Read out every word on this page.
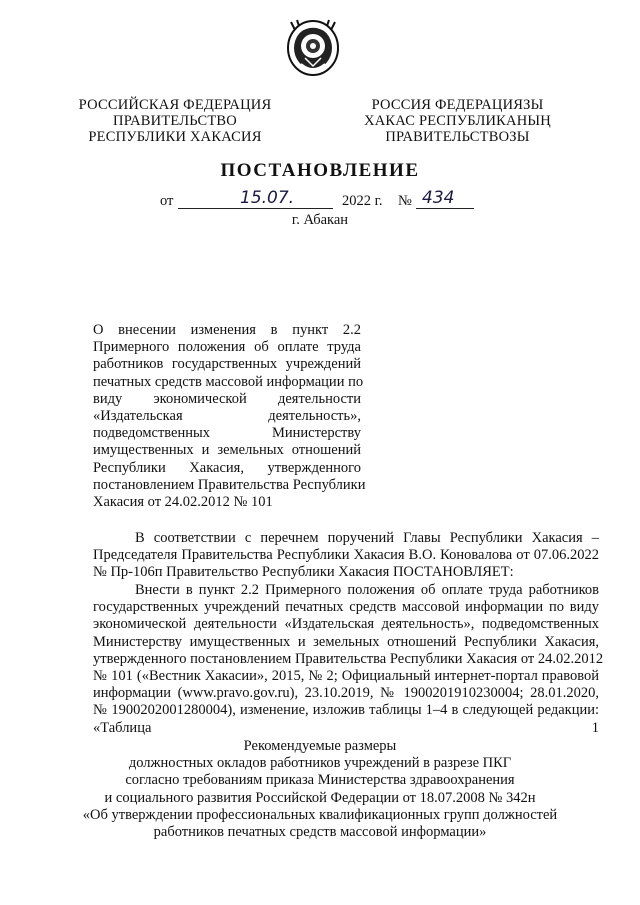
РОССИЙСКАЯ ФЕДЕРАЦИЯ
ПРАВИТЕЛЬСТВО
РЕСПУБЛИКИ ХАКАСИЯ
РОССИЯ ФЕДЕРАЦИЯЗЫ
ХАКАС РЕСПУБЛИКАНЫҢ
ПРАВИТЕЛЬСТВОЗЫ
ПОСТАНОВЛЕНИЕ
от	15.07.	2022 г. № 434
г. Абакан
О внесении изменения в пункт 2.2
Примерного положения об оплате труда
работников государственных учреждений
печатных средств массовой информации по
виду экономической деятельности
«Издательская деятельность»,
подведомственных Министерству
имущественных и земельных отношений
Республики Хакасия, утвержденного
постановлением Правительства Республики
Хакасия от 24.02.2012 № 101
В соответствии с перечнем поручений Главы Республики Хакасия –
Председателя Правительства Республики Хакасия В.О. Коновалова от 07.06.2022
№ Пр-106п Правительство Республики Хакасия ПОСТАНОВЛЯЕТ:
Внести в пункт 2.2 Примерного положения об оплате труда работников
государственных учреждений печатных средств массовой информации по виду
экономической деятельности «Издательская деятельность», подведомственных
Министерству имущественных и земельных отношений Республики Хакасия,
утвержденного постановлением Правительства Республики Хакасия от 24.02.2012
№ 101 («Вестник Хакасии», 2015, № 2; Официальный интернет-портал правовой
информации (www.pravo.gov.ru), 23.10.2019, № 1900201910230004; 28.01.2020,
№ 1900202001280004), изменение, изложив таблицы 1–4 в следующей редакции:
«Таблица 1
Рекомендуемые размеры
должностных окладов работников учреждений в разрезе ПКГ
согласно требованиям приказа Министерства здравоохранения
и социального развития Российской Федерации от 18.07.2008 № 342н
«Об утверждении профессиональных квалификационных групп должностей
работников печатных средств массовой информации»
